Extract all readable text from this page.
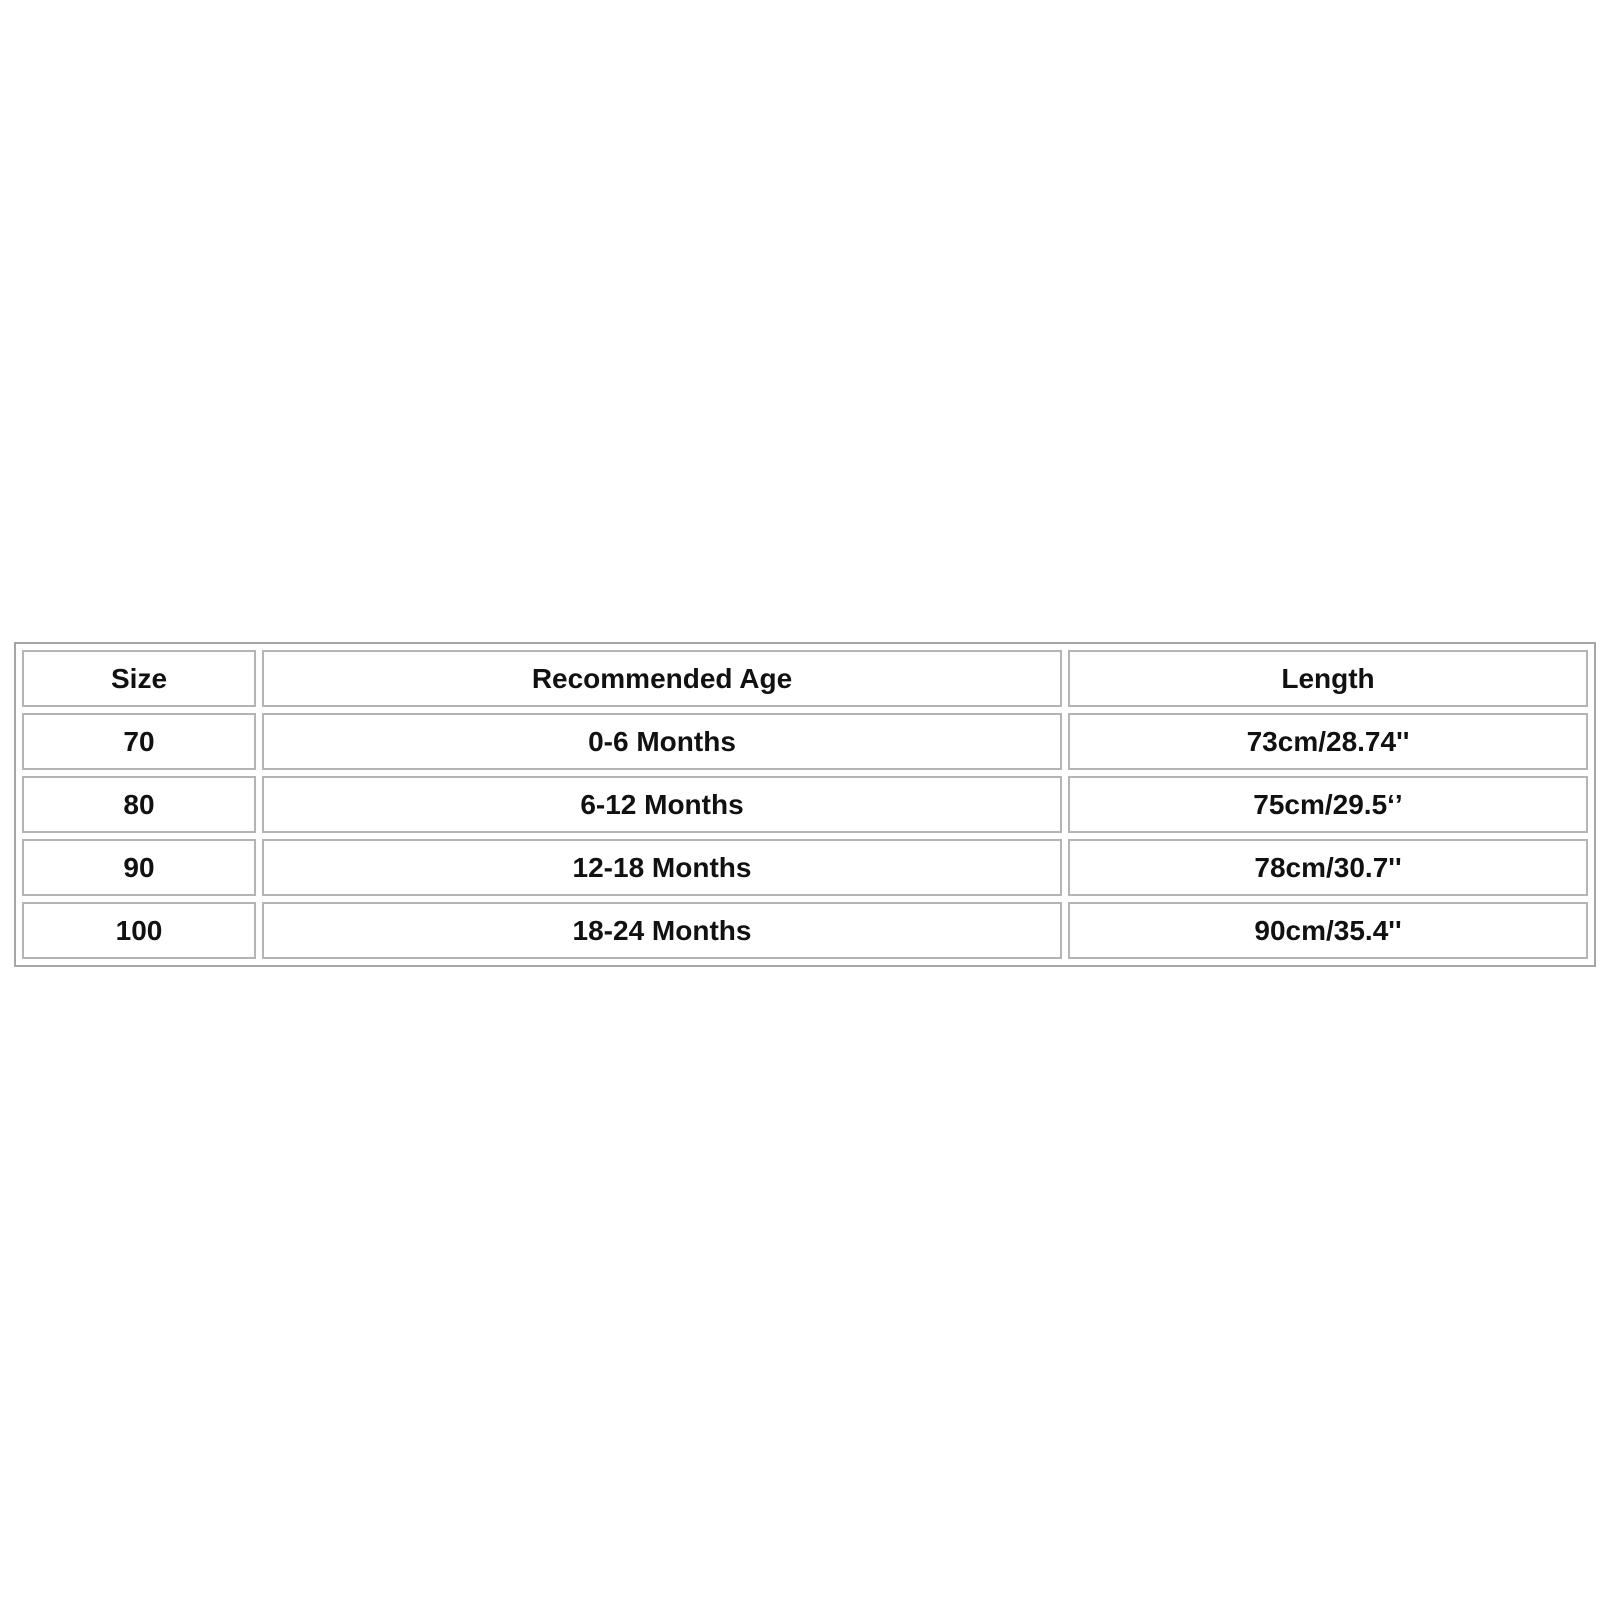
Size	Recommended Age	Length
70	0-6 Months	73cm/28.74''
80	6-12 Months	75cm/29.5‘’
90	12-18 Months	78cm/30.7''
100	18-24 Months	90cm/35.4''
